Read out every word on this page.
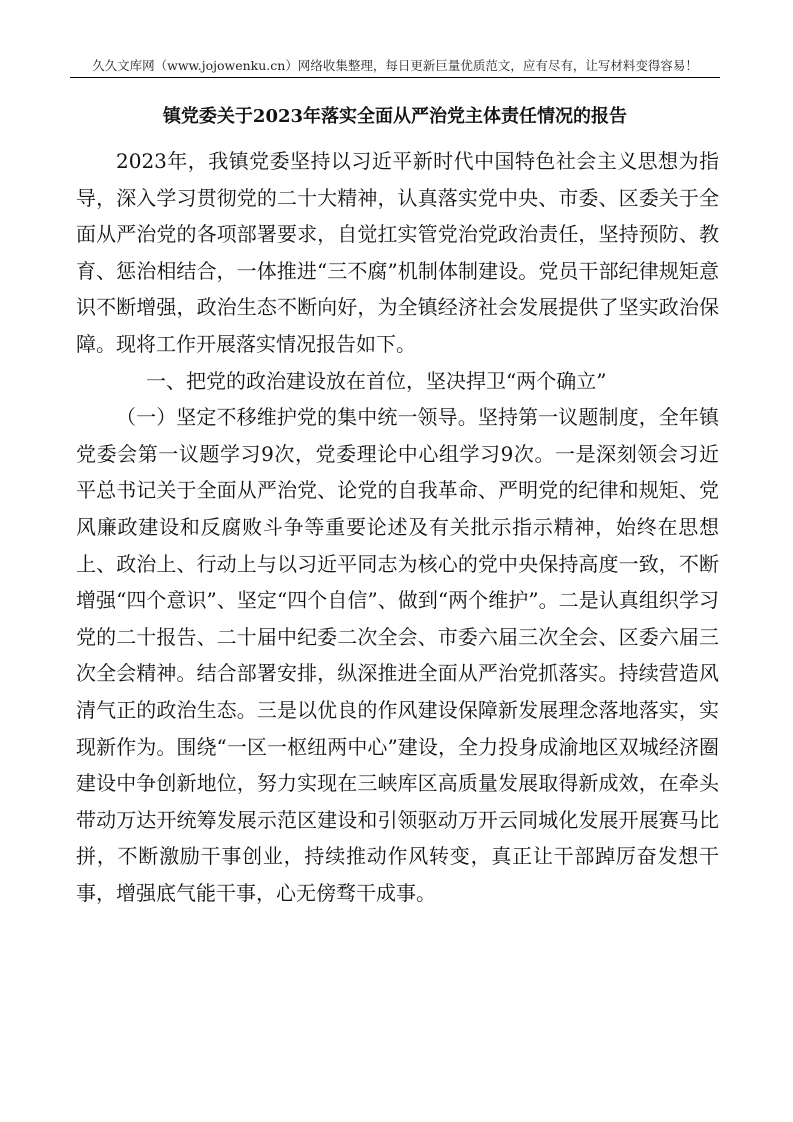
久久文库网（www.jojowenku.cn）网络收集整理，每日更新巨量优质范文，应有尽有，让写材料变得容易！
镇党委关于2023年落实全面从严治党主体责任情况的报告

2023年，我镇党委坚持以习近平新时代中国特色社会主义思想为指导，深入学习贯彻党的二十大精神，认真落实党中央、市委、区委关于全面从严治党的各项部署要求，自觉扛实管党治党政治责任，坚持预防、教育、惩治相结合，一体推进“三不腐”机制体制建设。党员干部纪律规矩意识不断增强，政治生态不断向好，为全镇经济社会发展提供了坚实政治保障。现将工作开展落实情况报告如下。

一、把党的政治建设放在首位，坚决捍卫“两个确立”

（一）坚定不移维护党的集中统一领导。坚持第一议题制度，全年镇党委会第一议题学习9次，党委理论中心组学习9次。一是深刻领会习近平总书记关于全面从严治党、论党的自我革命、严明党的纪律和规矩、党风廉政建设和反腐败斗争等重要论述及有关批示指示精神，始终在思想上、政治上、行动上与以习近平同志为核心的党中央保持高度一致，不断增强“四个意识”、坚定“四个自信”、做到“两个维护”。二是认真组织学习党的二十报告、二十届中纪委二次全会、市委六届三次全会、区委六届三次全会精神。结合部署安排，纵深推进全面从严治党抓落实。持续营造风清气正的政治生态。三是以优良的作风建设保障新发展理念落地落实，实现新作为。围绕“一区一枢纽两中心”建设，全力投身成渝地区双城经济圈建设中争创新地位，努力实现在三峡库区高质量发展取得新成效，在牵头带动万达开统筹发展示范区建设和引领驱动万开云同城化发展开展赛马比拼，不断激励干事创业，持续推动作风转变，真正让干部踔厉奋发想干事，增强底气能干事，心无傍骛干成事。
